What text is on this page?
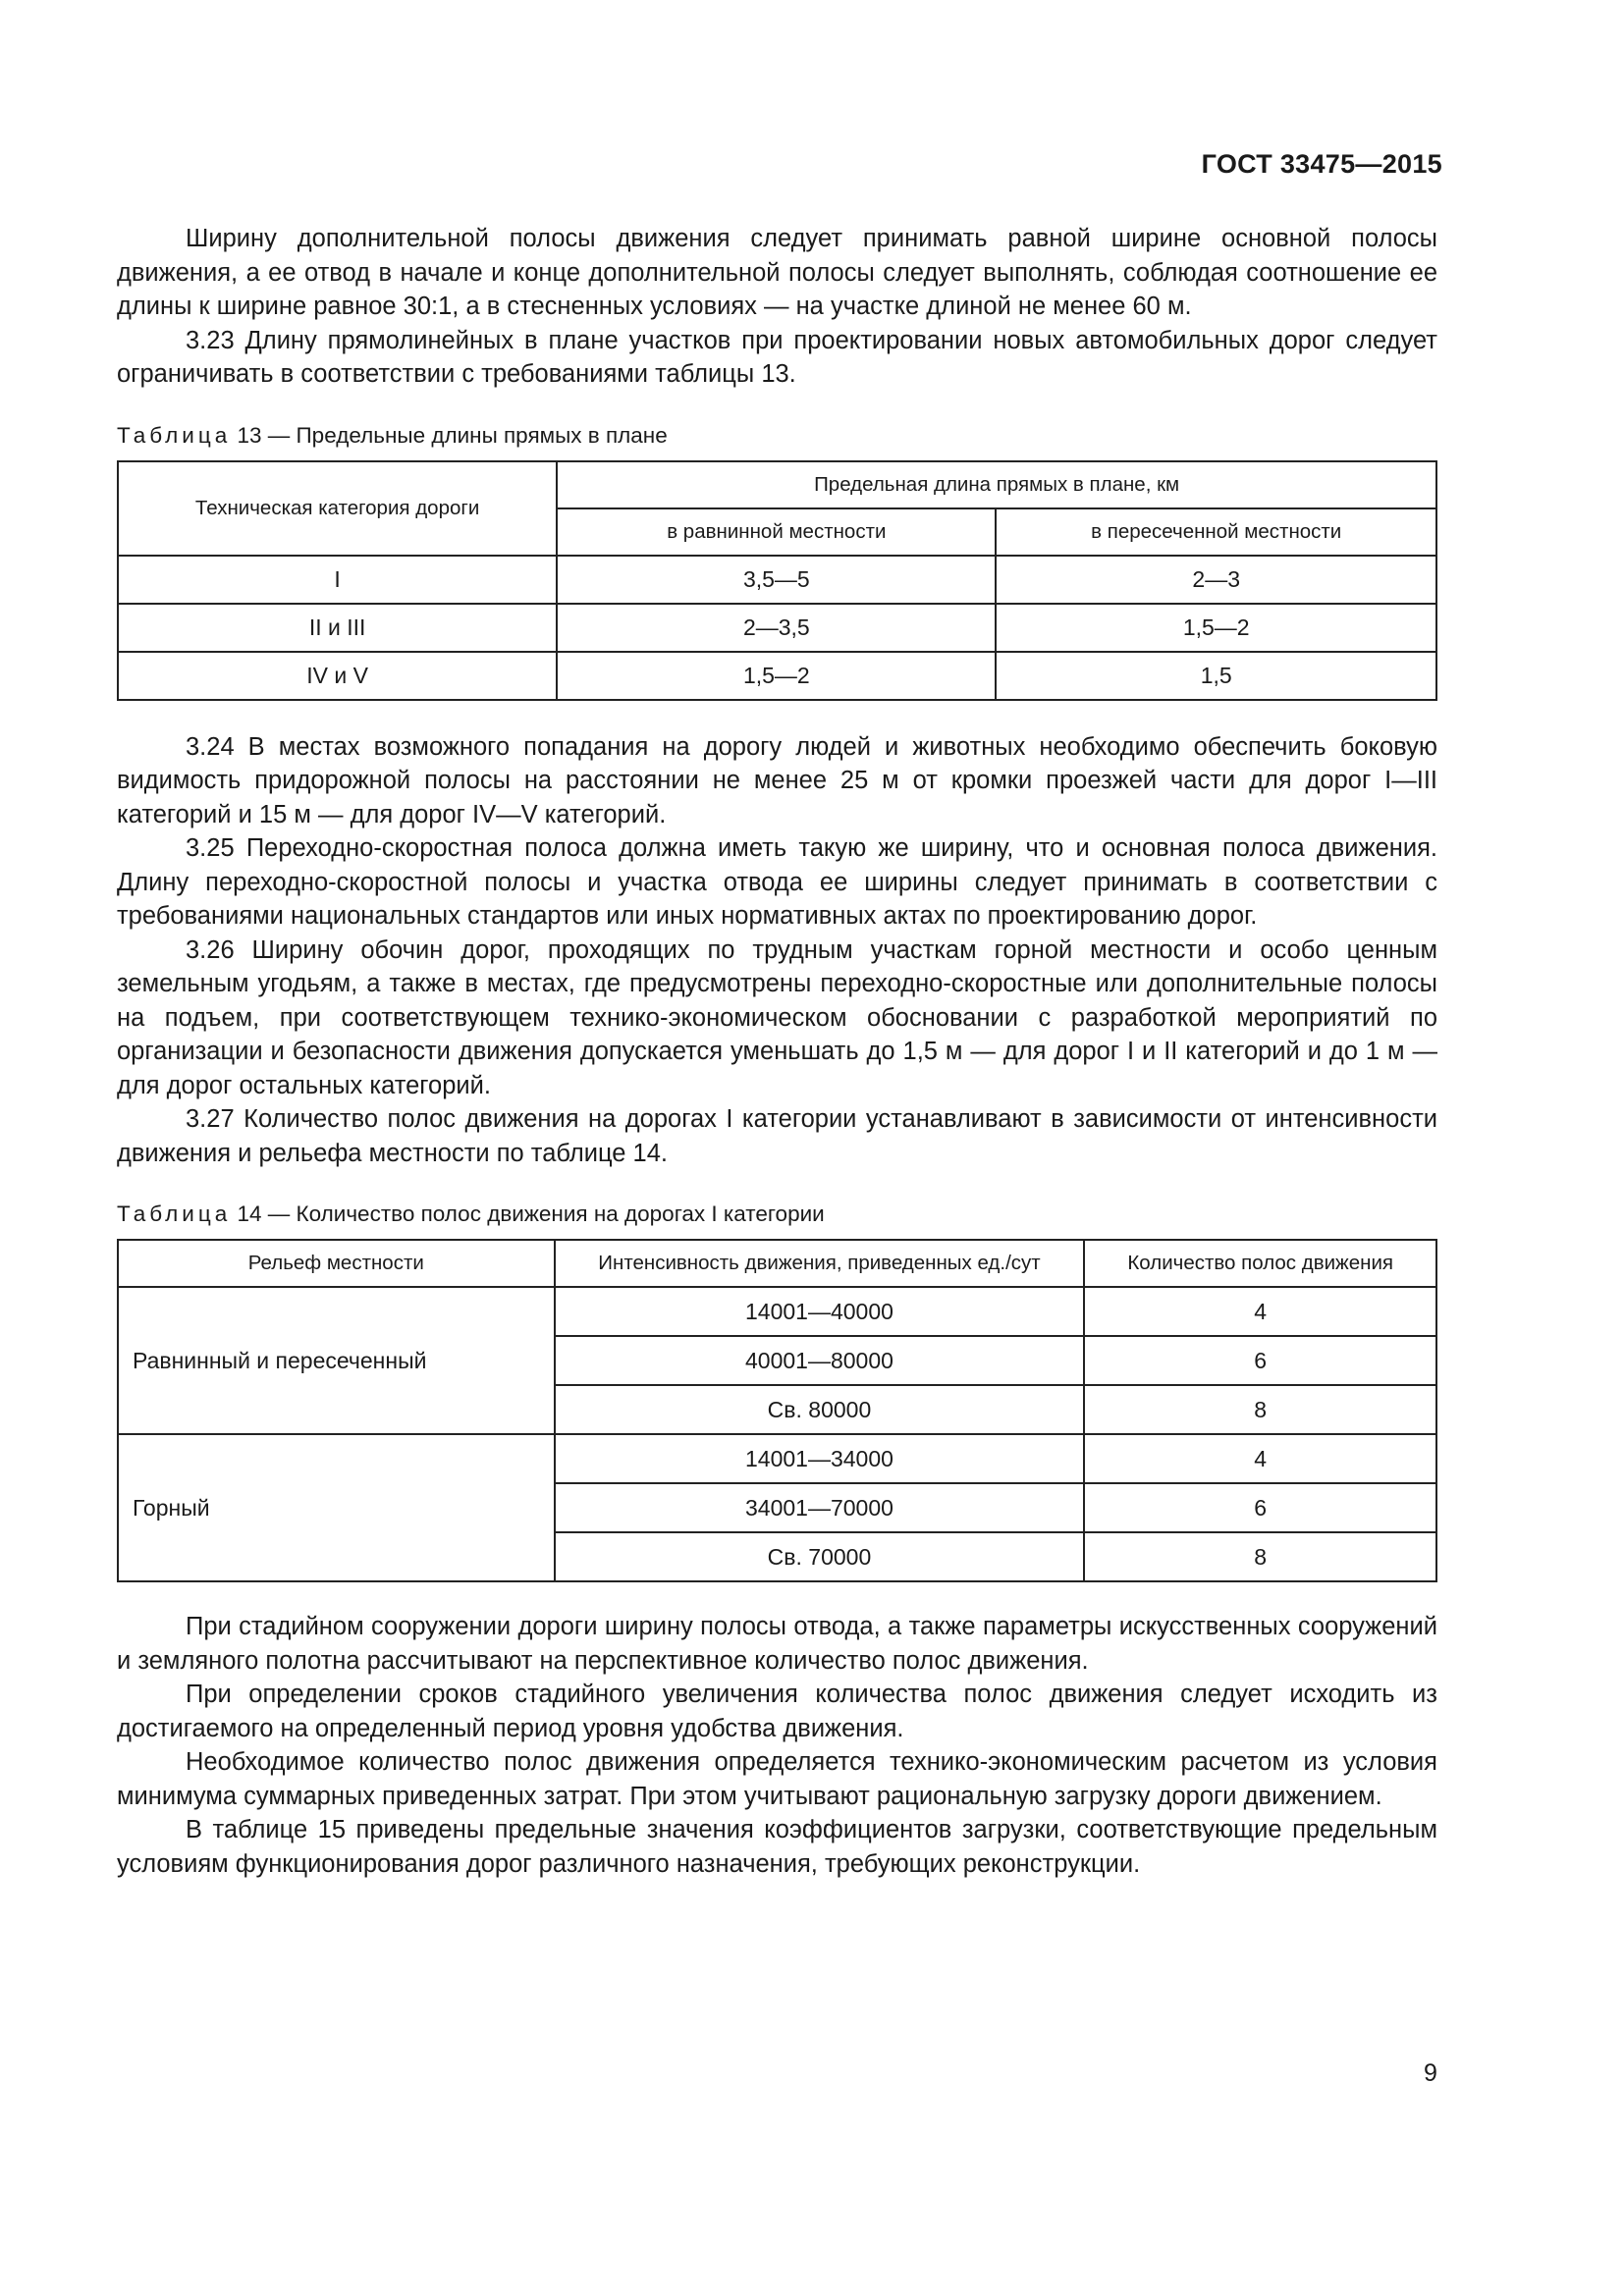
ГОСТ 33475—2015

Ширину дополнительной полосы движения следует принимать равной ширине основной полосы движения, а ее отвод в начале и конце дополнительной полосы следует выполнять, соблюдая соотношение ее длины к ширине равное 30:1, а в стесненных условиях — на участке длиной не менее 60 м.

3.23 Длину прямолинейных в плане участков при проектировании новых автомобильных дорог следует ограничивать в соответствии с требованиями таблицы 13.

Таблица 13 — Предельные длины прямых в плане
Техническая категория дороги	Предельная длина прямых в плане, км	
	в равнинной местности	в пересеченной местности
I	3,5—5	2—3
II и III	2—3,5	1,5—2
IV и V	1,5—2	1,5

3.24 В местах возможного попадания на дорогу людей и животных необходимо обеспечить боковую видимость придорожной полосы на расстоянии не менее 25 м от кромки проезжей части для дорог I—III категорий и 15 м — для дорог IV—V категорий.

3.25 Переходно-скоростная полоса должна иметь такую же ширину, что и основная полоса движения. Длину переходно-скоростной полосы и участка отвода ее ширины следует принимать в соответствии с требованиями национальных стандартов или иных нормативных актах по проектированию дорог.

3.26 Ширину обочин дорог, проходящих по трудным участкам горной местности и особо ценным земельным угодьям, а также в местах, где предусмотрены переходно-скоростные или дополнительные полосы на подъем, при соответствующем технико-экономическом обосновании с разработкой мероприятий по организации и безопасности движения допускается уменьшать до 1,5 м — для дорог I и II категорий и до 1 м — для дорог остальных категорий.

3.27 Количество полос движения на дорогах I категории устанавливают в зависимости от интенсивности движения и рельефа местности по таблице 14.

Таблица 14 — Количество полос движения на дорогах I категории
Рельеф местности	Интенсивность движения, приведенных ед./сут	Количество полос движения
Равнинный и пересеченный	14001—40000	4
	40001—80000	6
	Св. 80000	8
Горный	14001—34000	4
	34001—70000	6
	Св. 70000	8

При стадийном сооружении дороги ширину полосы отвода, а также параметры искусственных сооружений и земляного полотна рассчитывают на перспективное количество полос движения.

При определении сроков стадийного увеличения количества полос движения следует исходить из достигаемого на определенный период уровня удобства движения.

Необходимое количество полос движения определяется технико-экономическим расчетом из условия минимума суммарных приведенных затрат. При этом учитывают рациональную загрузку дороги движением.

В таблице 15 приведены предельные значения коэффициентов загрузки, соответствующие предельным условиям функционирования дорог различного назначения, требующих реконструкции.

9
